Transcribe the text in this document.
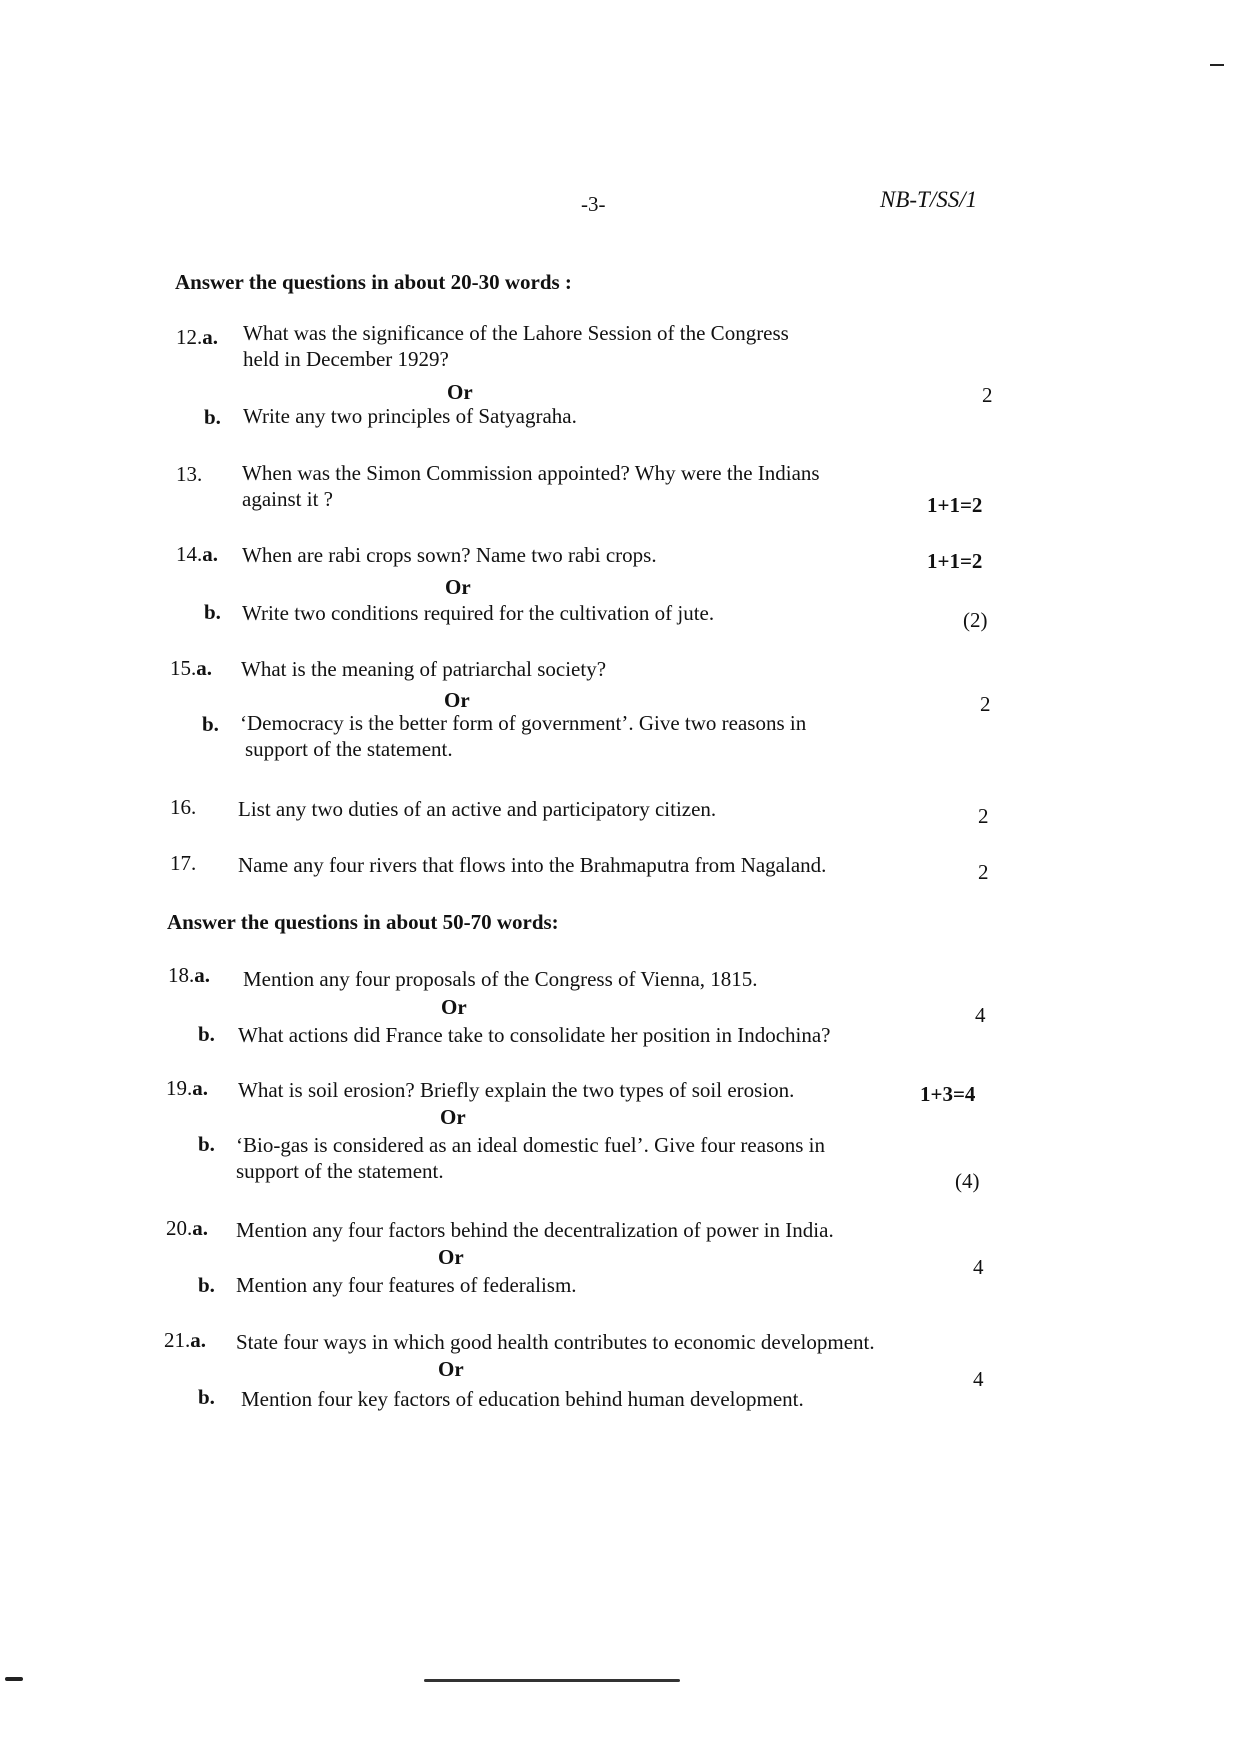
-3-	NB-T/SS/1
Answer the questions in about 20-30 words :
12.a. What was the significance of the Lahore Session of the Congress
held in December 1929?
Or	2
b. Write any two principles of Satyagraha.
13. When was the Simon Commission appointed? Why were the Indians
against it ?	1+1=2
14.a. When are rabi crops sown? Name two rabi crops.	1+1=2
Or
b. Write two conditions required for the cultivation of jute.	(2)
15.a. What is the meaning of patriarchal society?
Or	2
b. ‘Democracy is the better form of government’. Give two reasons in
support of the statement.
16. List any two duties of an active and participatory citizen.	2
17. Name any four rivers that flows into the Brahmaputra from Nagaland.	2
Answer the questions in about 50-70 words:
18.a. Mention any four proposals of the Congress of Vienna, 1815.
Or	4
b. What actions did France take to consolidate her position in Indochina?
19.a. What is soil erosion? Briefly explain the two types of soil erosion.	1+3=4
Or
b. ‘Bio-gas is considered as an ideal domestic fuel’. Give four reasons in
support of the statement.	(4)
20.a. Mention any four factors behind the decentralization of power in India.
Or	4
b. Mention any four features of federalism.
21.a. State four ways in which good health contributes to economic development.
Or	4
b. Mention four key factors of education behind human development.
